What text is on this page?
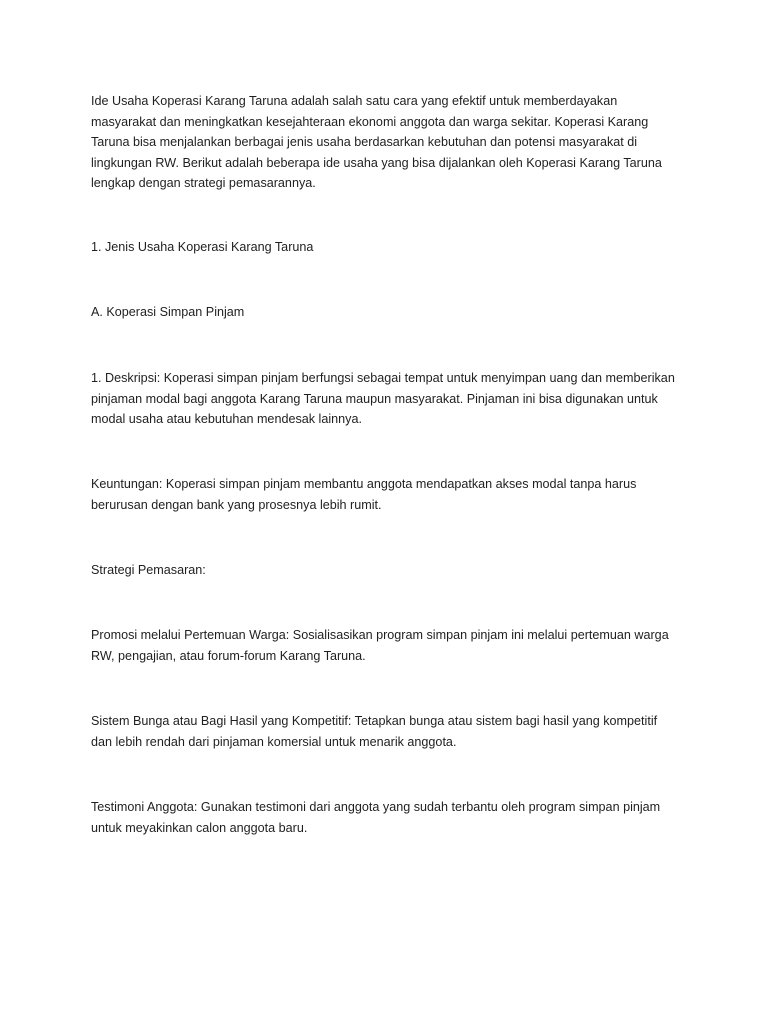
Ide Usaha Koperasi Karang Taruna adalah salah satu cara yang efektif untuk memberdayakan
masyarakat dan meningkatkan kesejahteraan ekonomi anggota dan warga sekitar. Koperasi Karang
Taruna bisa menjalankan berbagai jenis usaha berdasarkan kebutuhan dan potensi masyarakat di
lingkungan RW. Berikut adalah beberapa ide usaha yang bisa dijalankan oleh Koperasi Karang Taruna
lengkap dengan strategi pemasarannya.

1. Jenis Usaha Koperasi Karang Taruna

A. Koperasi Simpan Pinjam

1. Deskripsi: Koperasi simpan pinjam berfungsi sebagai tempat untuk menyimpan uang dan memberikan
pinjaman modal bagi anggota Karang Taruna maupun masyarakat. Pinjaman ini bisa digunakan untuk
modal usaha atau kebutuhan mendesak lainnya.

Keuntungan: Koperasi simpan pinjam membantu anggota mendapatkan akses modal tanpa harus
berurusan dengan bank yang prosesnya lebih rumit.

Strategi Pemasaran:

Promosi melalui Pertemuan Warga: Sosialisasikan program simpan pinjam ini melalui pertemuan warga
RW, pengajian, atau forum-forum Karang Taruna.

Sistem Bunga atau Bagi Hasil yang Kompetitif: Tetapkan bunga atau sistem bagi hasil yang kompetitif
dan lebih rendah dari pinjaman komersial untuk menarik anggota.

Testimoni Anggota: Gunakan testimoni dari anggota yang sudah terbantu oleh program simpan pinjam
untuk meyakinkan calon anggota baru.
